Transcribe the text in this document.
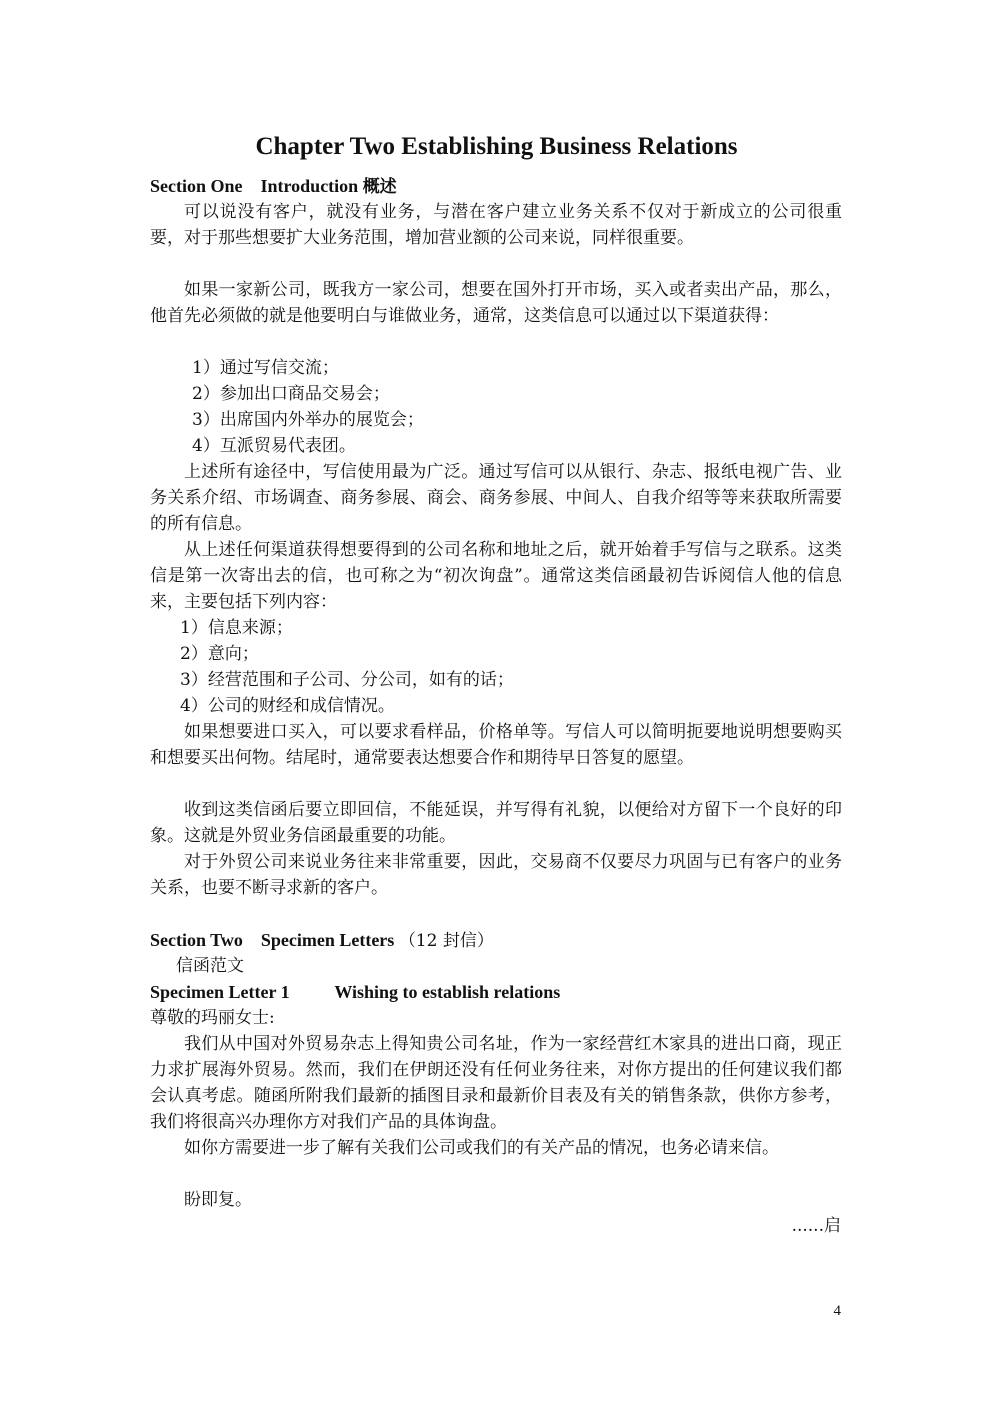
Chapter Two Establishing Business Relations
Section One    Introduction 概述

可以说没有客户，就没有业务，与潜在客户建立业务关系不仅对于新成立的公司很重要，对于那些想要扩大业务范围，增加营业额的公司来说，同样很重要。

如果一家新公司，既我方一家公司，想要在国外打开市场，买入或者卖出产品，那么，他首先必须做的就是他要明白与谁做业务，通常，这类信息可以通过以下渠道获得：

1）通过写信交流；
2）参加出口商品交易会；
3）出席国内外举办的展览会；
4）互派贸易代表团。

上述所有途径中，写信使用最为广泛。通过写信可以从银行、杂志、报纸电视广告、业务关系介绍、市场调查、商务参展、商会、商务参展、中间人、自我介绍等等来获取所需要的所有信息。

从上述任何渠道获得想要得到的公司名称和地址之后，就开始着手写信与之联系。这类信是第一次寄出去的信，也可称之为“初次询盘”。通常这类信函最初告诉阅信人他的信息来，主要包括下列内容：

1）信息来源；
2）意向；
3）经营范围和子公司、分公司，如有的话；
4）公司的财经和成信情况。

如果想要进口买入，可以要求看样品，价格单等。写信人可以简明扼要地说明想要购买和想要买出何物。结尾时，通常要表达想要合作和期待早日答复的愿望。

收到这类信函后要立即回信，不能延误，并写得有礼貌，以便给对方留下一个良好的印象。这就是外贸业务信函最重要的功能。

对于外贸公司来说业务往来非常重要，因此，交易商不仅要尽力巩固与已有客户的业务关系，也要不断寻求新的客户。

Section Two    Specimen Letters （12 封信）
信函范文
Specimen Letter 1 Wishing to establish relations
尊敬的玛丽女士:

我们从中国对外贸易杂志上得知贵公司名址，作为一家经营红木家具的进出口商，现正力求扩展海外贸易。然而，我们在伊朗还没有任何业务往来，对你方提出的任何建议我们都会认真考虑。随函所附我们最新的插图目录和最新价目表及有关的销售条款，供你方参考，我们将很高兴办理你方对我们产品的具体询盘。

如你方需要进一步了解有关我们公司或我们的有关产品的情况，也务必请来信。

盼即复。

......启
4
